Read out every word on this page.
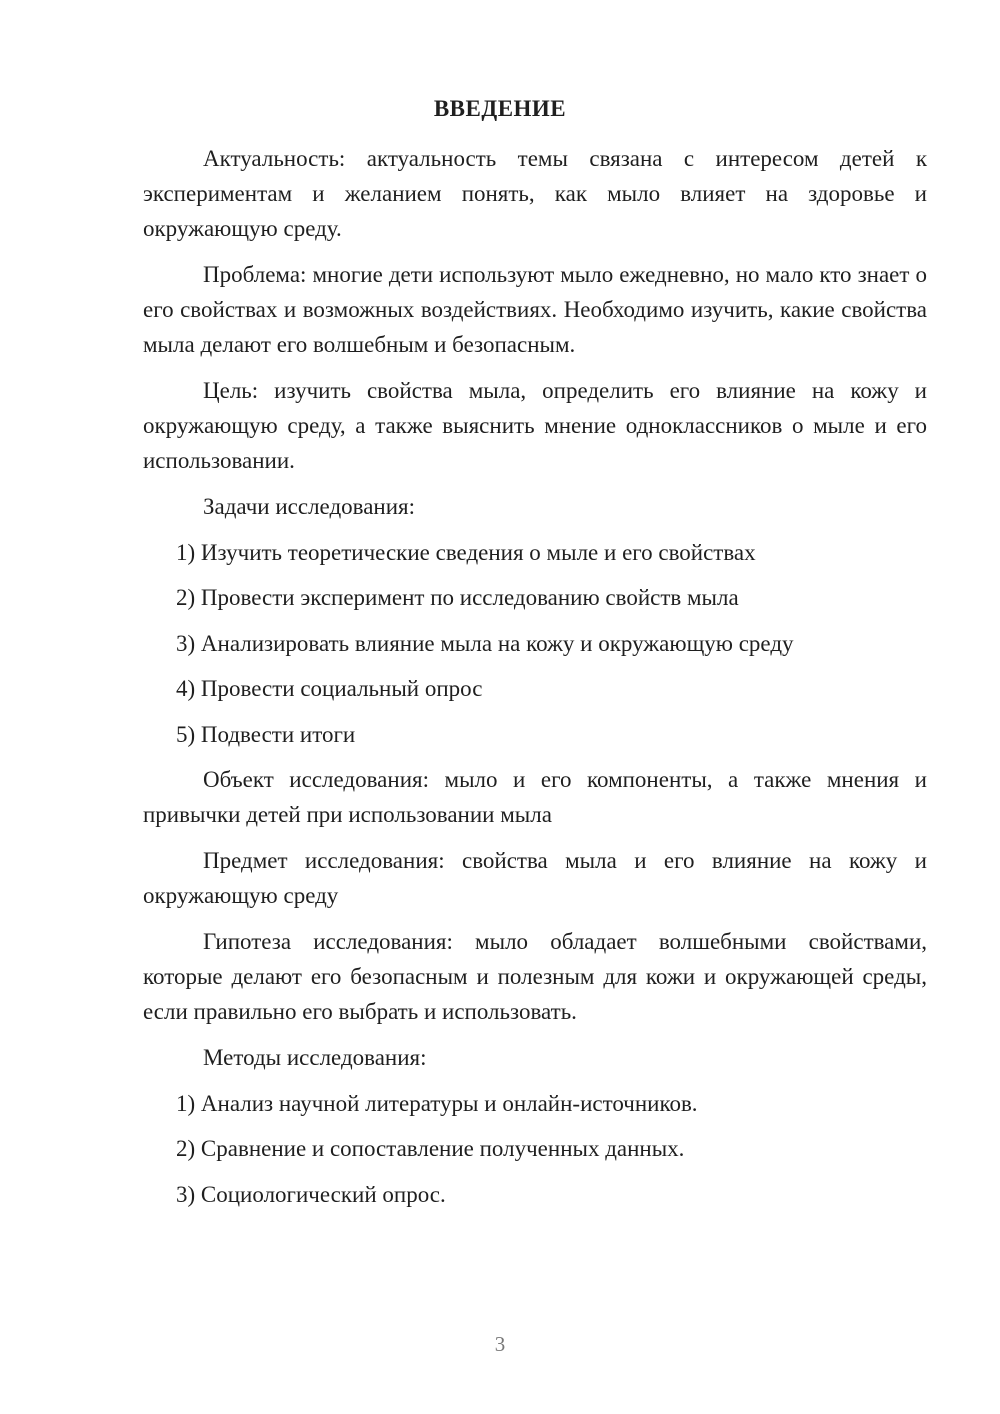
ВВЕДЕНИЕ
Актуальность: актуальность темы связана с интересом детей к экспериментам и желанием понять, как мыло влияет на здоровье и окружающую среду.
Проблема: многие дети используют мыло ежедневно, но мало кто знает о его свойствах и возможных воздействиях. Необходимо изучить, какие свойства мыла делают его волшебным и безопасным.
Цель: изучить свойства мыла, определить его влияние на кожу и окружающую среду, а также выяснить мнение одноклассников о мыле и его использовании.
Задачи исследования:
1) Изучить теоретические сведения о мыле и его свойствах
2) Провести эксперимент по исследованию свойств мыла
3) Анализировать влияние мыла на кожу и окружающую среду
4) Провести социальный опрос
5) Подвести итоги
Объект исследования: мыло и его компоненты, а также мнения и привычки детей при использовании мыла
Предмет исследования: свойства мыла и его влияние на кожу и окружающую среду
Гипотеза исследования: мыло обладает волшебными свойствами, которые делают его безопасным и полезным для кожи и окружающей среды, если правильно его выбрать и использовать.
Методы исследования:
1) Анализ научной литературы и онлайн-источников.
2) Сравнение и сопоставление полученных данных.
3) Социологический опрос.
3
